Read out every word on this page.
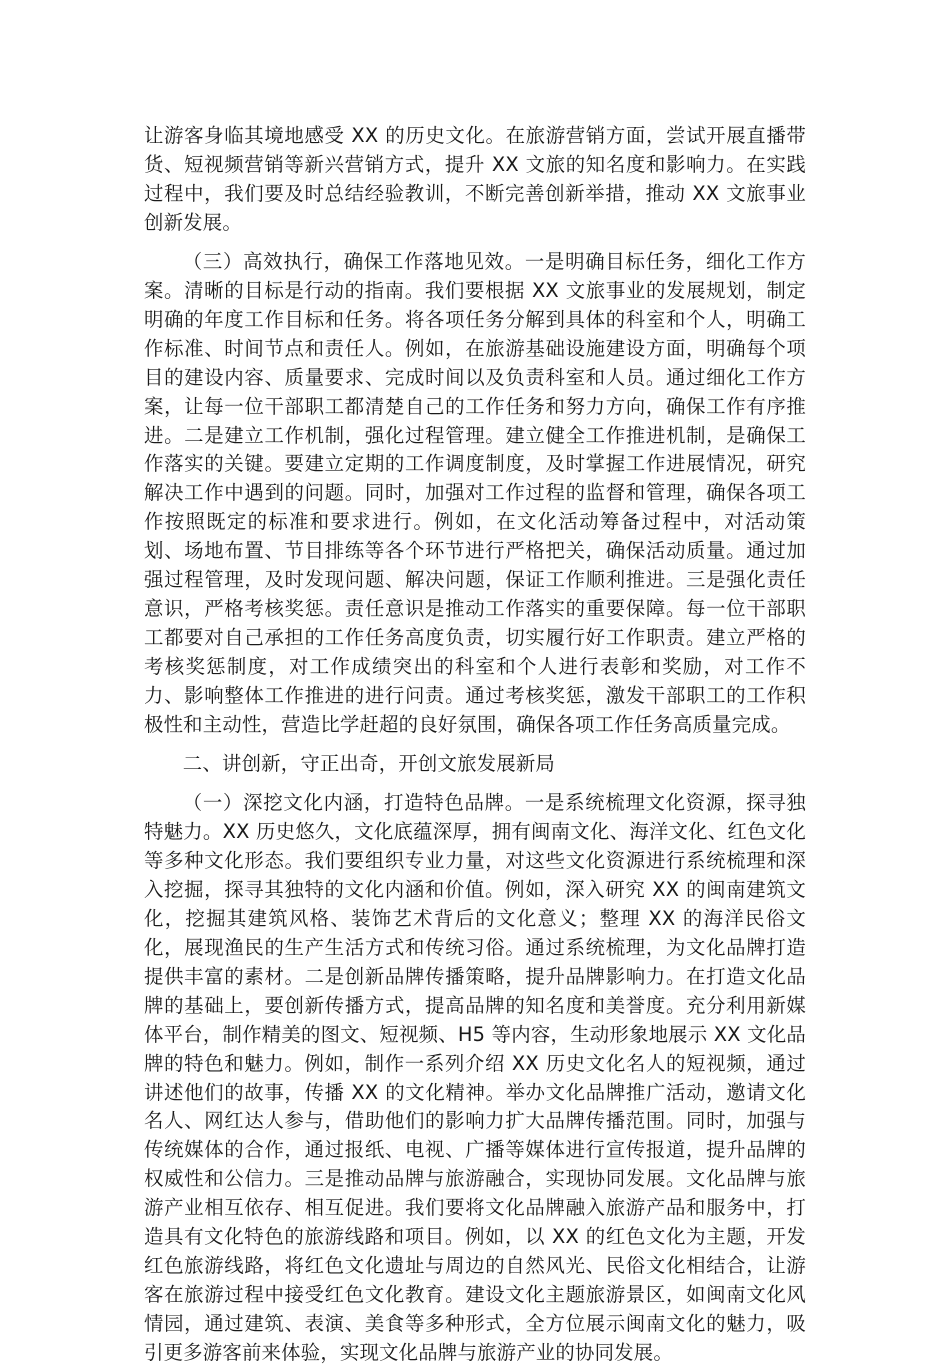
让游客身临其境地感受 XX 的历史文化。在旅游营销方面，尝试开展直播带货、短视频营销等新兴营销方式，提升 XX 文旅的知名度和影响力。在实践过程中，我们要及时总结经验教训，不断完善创新举措，推动 XX 文旅事业创新发展。

（三）高效执行，确保工作落地见效。一是明确目标任务，细化工作方案。清晰的目标是行动的指南。我们要根据 XX 文旅事业的发展规划，制定明确的年度工作目标和任务。将各项任务分解到具体的科室和个人，明确工作标准、时间节点和责任人。例如，在旅游基础设施建设方面，明确每个项目的建设内容、质量要求、完成时间以及负责科室和人员。通过细化工作方案，让每一位干部职工都清楚自己的工作任务和努力方向，确保工作有序推进。二是建立工作机制，强化过程管理。建立健全工作推进机制，是确保工作落实的关键。要建立定期的工作调度制度，及时掌握工作进展情况，研究解决工作中遇到的问题。同时，加强对工作过程的监督和管理，确保各项工作按照既定的标准和要求进行。例如，在文化活动筹备过程中，对活动策划、场地布置、节目排练等各个环节进行严格把关，确保活动质量。通过加强过程管理，及时发现问题、解决问题，保证工作顺利推进。三是强化责任意识，严格考核奖惩。责任意识是推动工作落实的重要保障。每一位干部职工都要对自己承担的工作任务高度负责，切实履行好工作职责。建立严格的考核奖惩制度，对工作成绩突出的科室和个人进行表彰和奖励，对工作不力、影响整体工作推进的进行问责。通过考核奖惩，激发干部职工的工作积极性和主动性，营造比学赶超的良好氛围，确保各项工作任务高质量完成。

二、讲创新，守正出奇，开创文旅发展新局

（一）深挖文化内涵，打造特色品牌。一是系统梳理文化资源，探寻独特魅力。XX 历史悠久，文化底蕴深厚，拥有闽南文化、海洋文化、红色文化等多种文化形态。我们要组织专业力量，对这些文化资源进行系统梳理和深入挖掘，探寻其独特的文化内涵和价值。例如，深入研究 XX 的闽南建筑文化，挖掘其建筑风格、装饰艺术背后的文化意义；整理 XX 的海洋民俗文化，展现渔民的生产生活方式和传统习俗。通过系统梳理，为文化品牌打造提供丰富的素材。二是创新品牌传播策略，提升品牌影响力。在打造文化品牌的基础上，要创新传播方式，提高品牌的知名度和美誉度。充分利用新媒体平台，制作精美的图文、短视频、H5 等内容，生动形象地展示 XX 文化品牌的特色和魅力。例如，制作一系列介绍 XX 历史文化名人的短视频，通过讲述他们的故事，传播 XX 的文化精神。举办文化品牌推广活动，邀请文化名人、网红达人参与，借助他们的影响力扩大品牌传播范围。同时，加强与传统媒体的合作，通过报纸、电视、广播等媒体进行宣传报道，提升品牌的权威性和公信力。三是推动品牌与旅游融合，实现协同发展。文化品牌与旅游产业相互依存、相互促进。我们要将文化品牌融入旅游产品和服务中，打造具有文化特色的旅游线路和项目。例如，以 XX 的红色文化为主题，开发红色旅游线路，将红色文化遗址与周边的自然风光、民俗文化相结合，让游客在旅游过程中接受红色文化教育。建设文化主题旅游景区，如闽南文化风情园，通过建筑、表演、美食等多种形式，全方位展示闽南文化的魅力，吸引更多游客前来体验，实现文化品牌与旅游产业的协同发展。
